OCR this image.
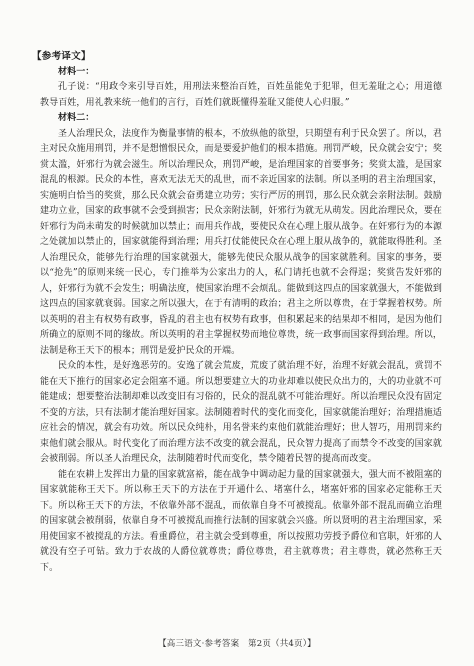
【参考译文】
材料一：

孔子说：“用政令来引导百姓，用刑法来整治百姓，百姓虽能免于犯罪，但无羞耻之心；用道德教导百姓，用礼教来统一他们的言行，百姓们就既懂得羞耻又能使人心归服。”

材料二：

圣人治理民众，法度作为衡量事情的根本，不放纵他的欲望，只期望有利于民众罢了。所以，君主对民众施用刑罚，并不是想憎恨民众，而是要爱护他们的根本措施。刑罚严峻，民众就会安宁；奖赏太滥，奸邪行为就会滋生。所以治理民众，刑罚严峻，是治理国家的首要事务；奖赏太滥，是国家混乱的根源。民众的本性，喜欢无法无天的乱世，而不亲近国家的法制。所以圣明的君主治理国家，实施明白恰当的奖赏，那么民众就会奋勇建立功劳；实行严厉的刑罚，那么民众就会亲附法制。鼓励建功立业，国家的政事就不会受到损害；民众亲附法制，奸邪行为就无从萌发。因此治理民众，要在奸邪行为尚未萌发的时候就加以禁止；而用兵作战，要使民众在心理上服从战争。在奸邪行为的本源之处就加以禁止的，国家就能得到治理；用兵打仗能使民众在心理上服从战争的，就能取得胜利。圣人治理民众，能够先行治理的国家就强大，能够先使民众服从战争的国家就胜利。国家的事务，要以“抢先”的原则来统一民心，专门推举为公家出力的人，私门请托也就不会得逞；奖赏告发奸邪的人，奸邪行为就不会发生；明确法度，使国家治理不会烦乱。能做到这四点的国家就强大，不能做到这四点的国家就衰弱。国家之所以强大，在于有清明的政治；君主之所以尊贵，在于掌握着权势。所以英明的君主有权势有政事，昏乱的君主也有权势有政事，但积累起来的结果却不相同，是因为他们所确立的原则不同的缘故。所以英明的君主掌握权势而地位尊贵，统一政事而国家得到治理。所以，法制是称王天下的根本；刑罚是爱护民众的开端。

民众的本性，是好逸恶劳的。安逸了就会荒废，荒废了就治理不好，治理不好就会混乱，赏罚不能在天下推行的国家必定会阻塞不通。所以想要建立大的功业却难以使民众出力的，大的功业就不可能建成；想要整治法制却难以改变旧有习俗的，民众的混乱就不可能治理好。所以治理民众没有固定不变的方法，只有法制才能治理好国家。法制随着时代的变化而变化，国家就能治理好；治理措施适应社会的情况，就会有功效。所以民众纯朴，用名誉来约束他们就能治理好；世人智巧，用刑罚来约束他们就会服从。时代变化了而治理方法不改变的就会混乱，民众智力提高了而禁令不改变的国家就会被削弱。所以圣人治理民众，法制随着时代而变化，禁令随着民智的提高而改变。

能在农耕上发挥出力量的国家就富裕，能在战争中调动起力量的国家就强大，强大而不被阻塞的国家就能称王天下。所以称王天下的方法在于开通什么、堵塞什么，堵塞奸邪的国家必定能称王天下。所以称王天下的方法，不依靠外部不混乱，而依靠自身不可被搅乱。依靠外部不混乱而确立治理的国家就会被削弱，依靠自身不可被搅乱而推行法制的国家就会兴盛。所以贤明的君主治理国家，采用使国家不被搅乱的方法。看重爵位，君主就会受到尊重，所以按照功劳授予爵位和官职，奸邪的人就没有空子可钻。致力于农战的人爵位就尊贵；爵位尊贵，君主就尊贵；君主尊贵，就必然称王天下。

【高三语文·参考答案　第2页（共4页）】
